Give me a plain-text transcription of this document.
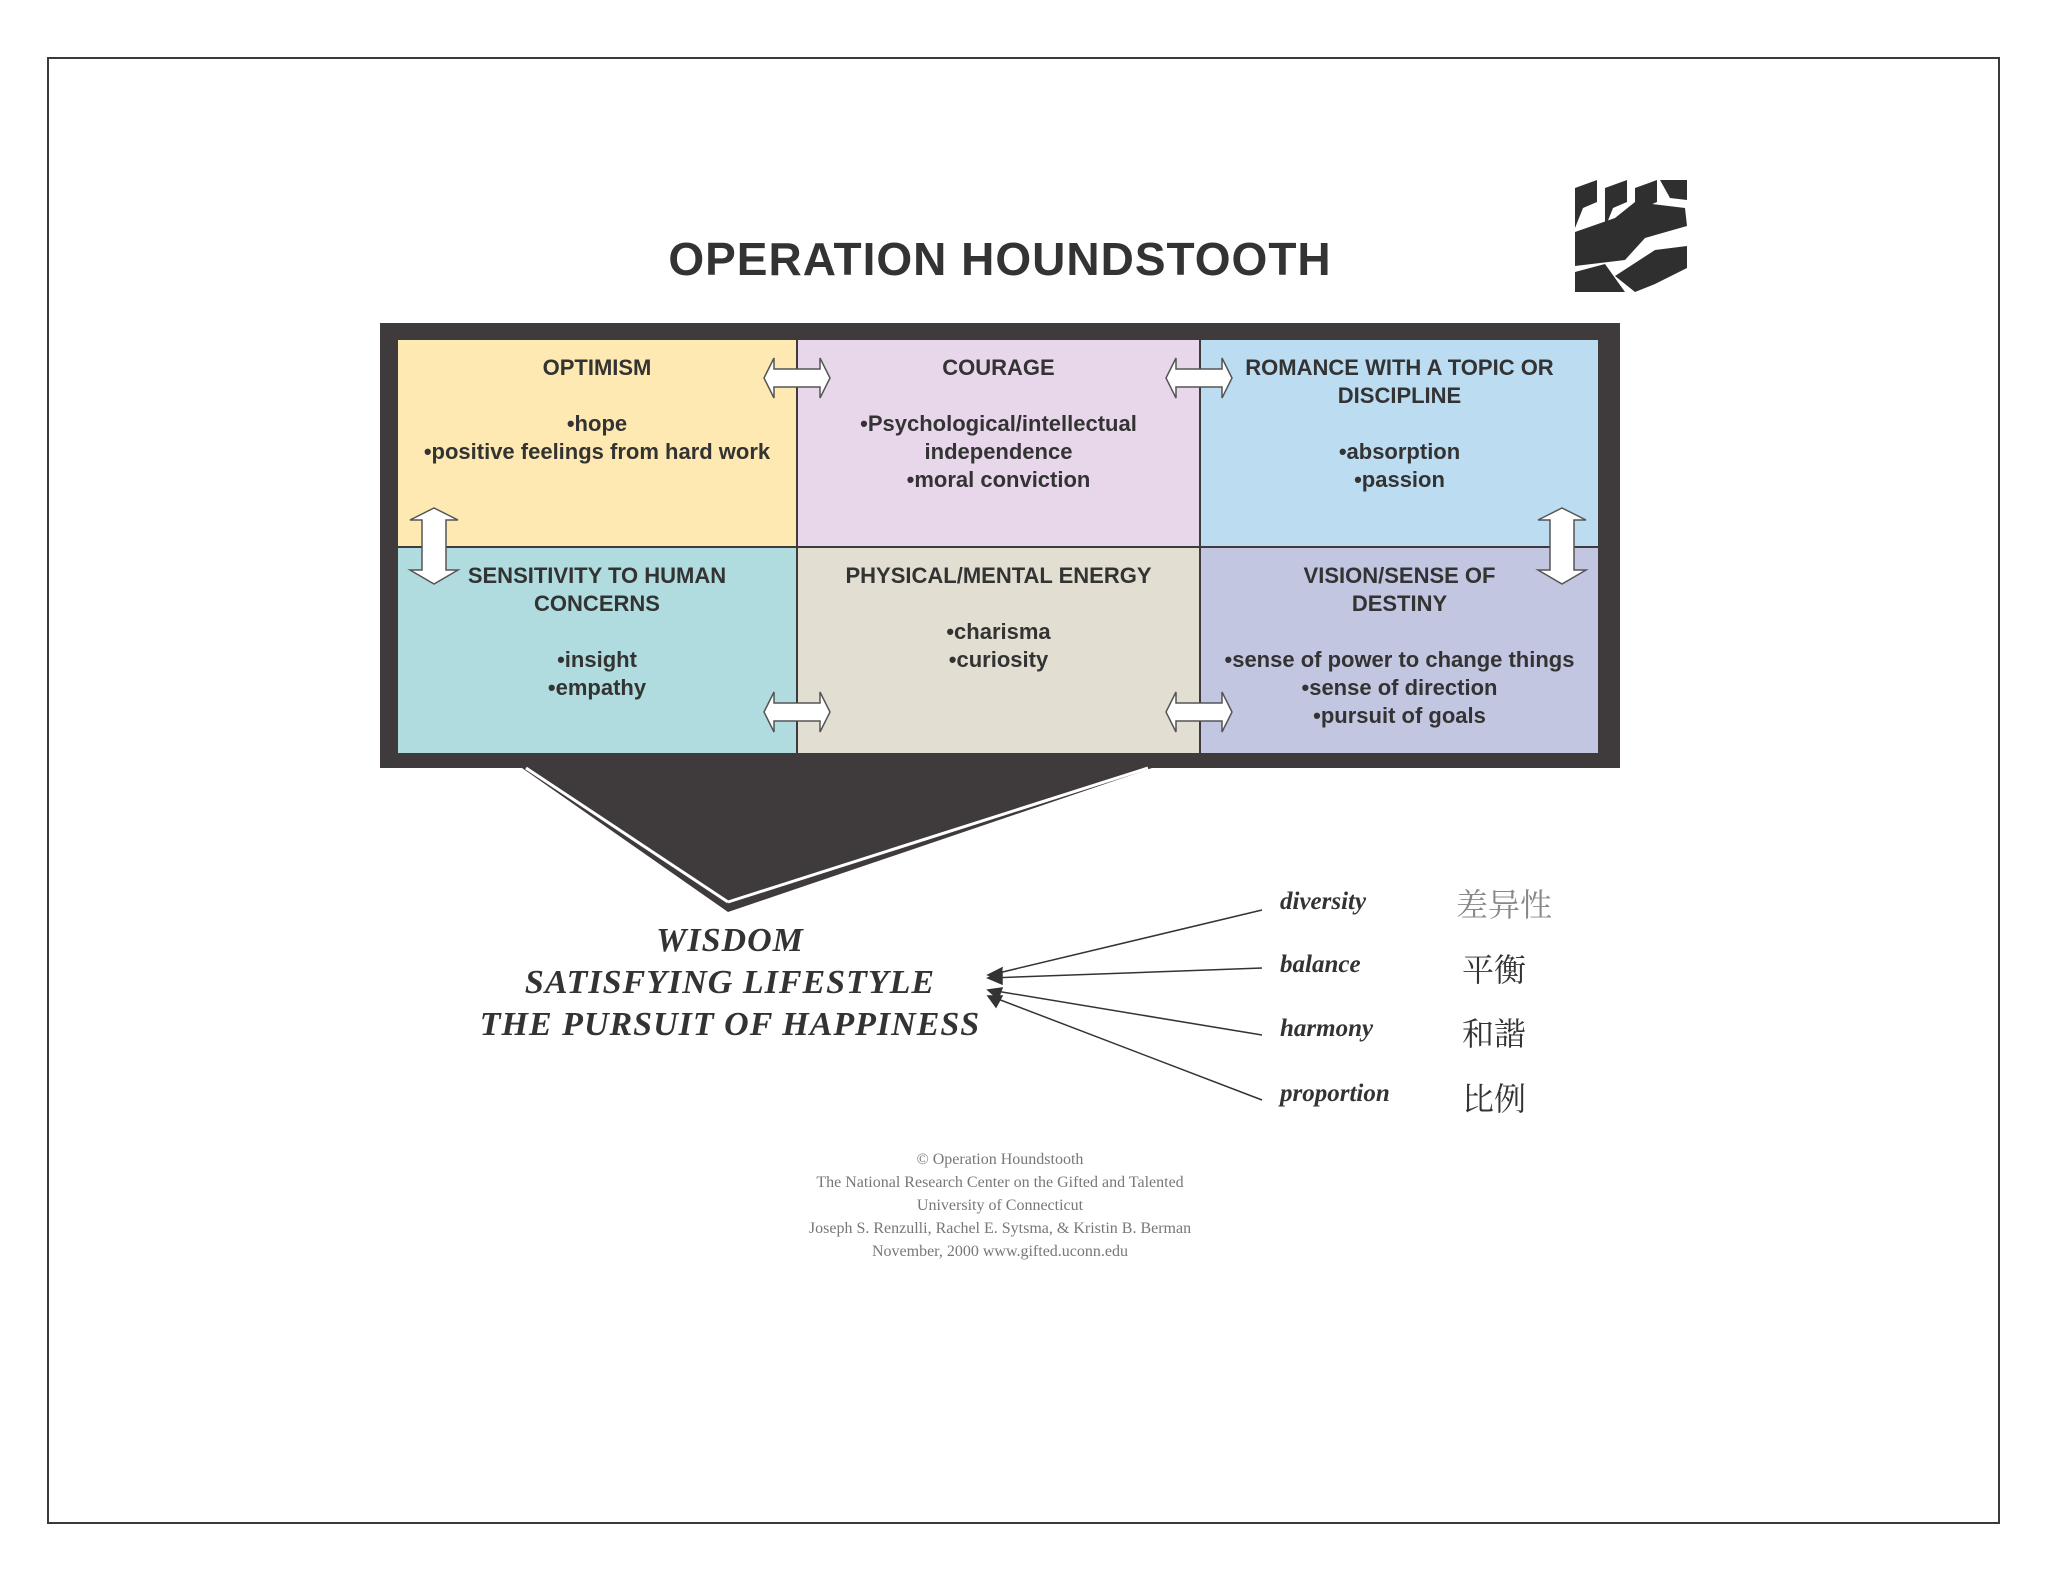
OPERATION HOUNDSTOOTH
OPTIMISM
•hope
•positive feelings from hard work
COURAGE
•Psychological/intellectual
independence
•moral conviction
ROMANCE WITH A TOPIC OR DISCIPLINE
•absorption
•passion
SENSITIVITY TO HUMAN CONCERNS
•insight
•empathy
PHYSICAL/MENTAL ENERGY
•charisma
•curiosity
VISION/SENSE OF DESTINY
•sense of power to change things
•sense of direction
•pursuit of goals
WISDOM
SATISFYING LIFESTYLE
THE PURSUIT OF HAPPINESS
diversity
balance
harmony
proportion
差异性
平衡
和諧
比例
© Operation Houndstooth
The National Research Center on the Gifted and Talented
University of Connecticut
Joseph S. Renzulli, Rachel E. Sytsma, & Kristin B. Berman
November, 2000 www.gifted.uconn.edu
